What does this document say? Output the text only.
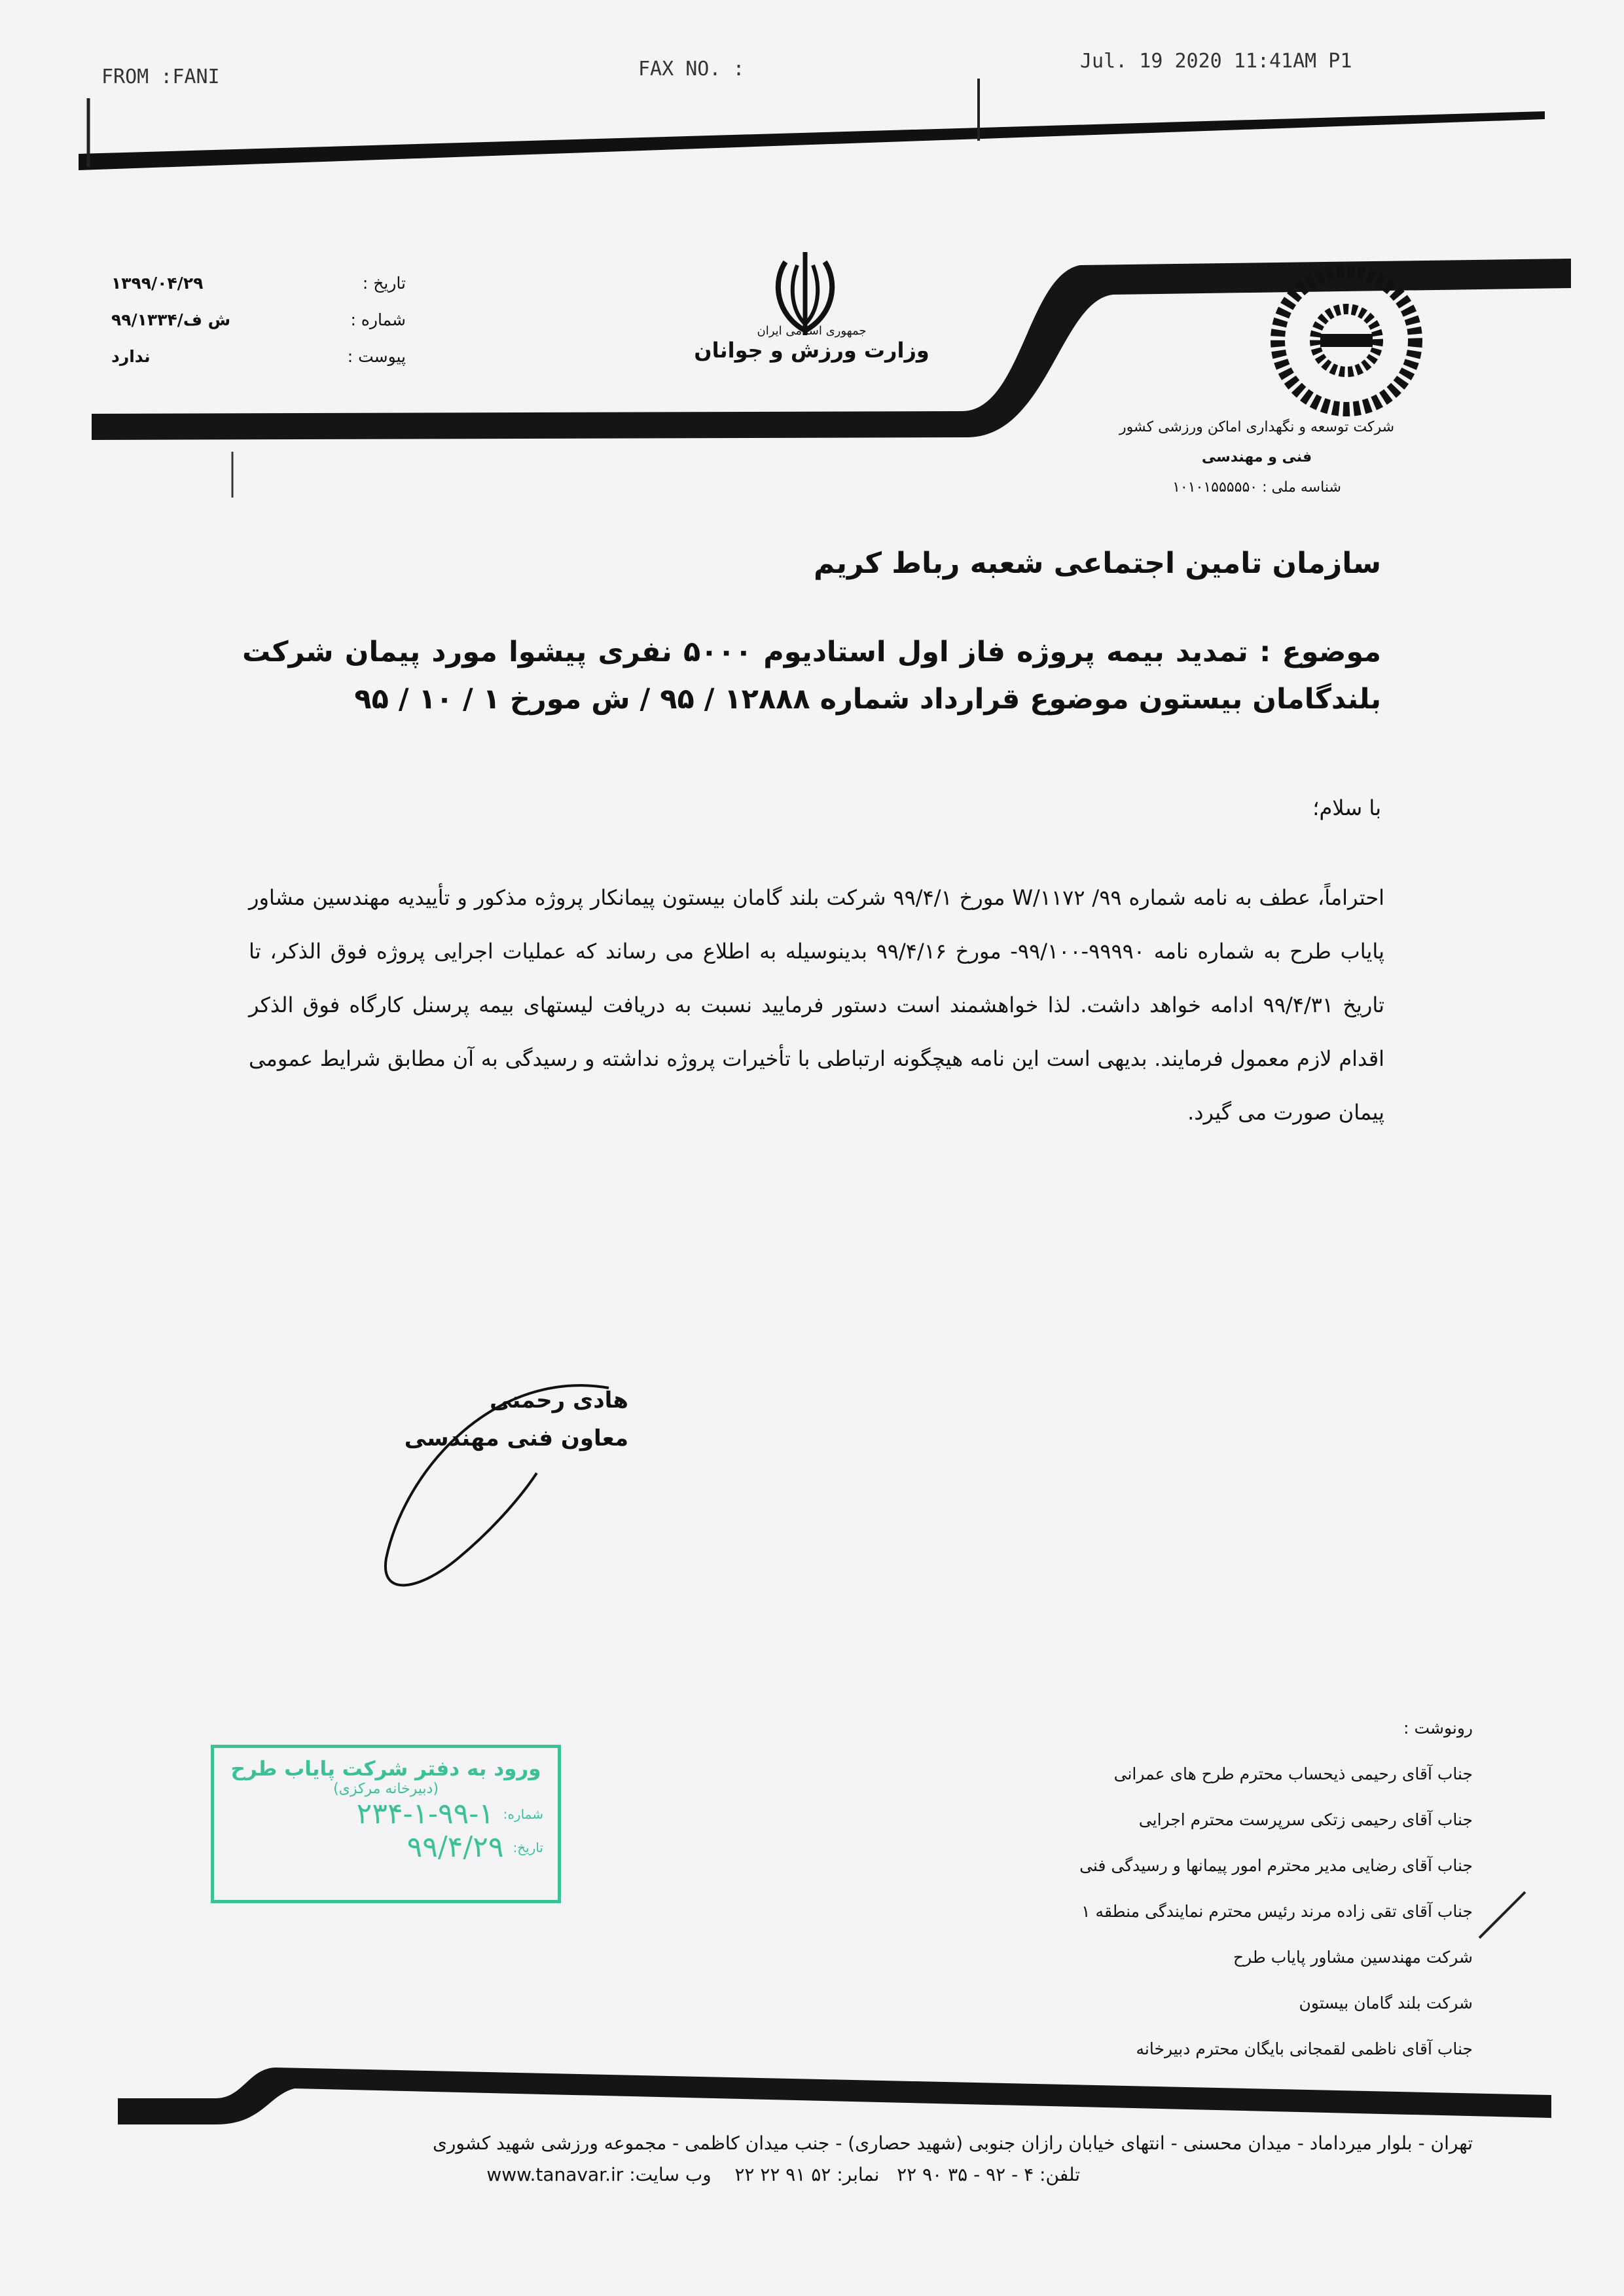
FROM :FANI	FAX NO. :	Jul. 19 2020 11:41AM P1
تاریخ :
۱۳۹۹/۰۴/۲۹
شماره :
۹۹/۱۳۳۴/ش ف
پیوست :
ندارد
جمهوری اسلامی ایران
وزارت ورزش و جوانان
شرکت توسعه و نگهداری اماکن ورزشی کشور
فنی و مهندسی
شناسه ملی : ۱۰۱۰۱۵۵۵۵۵۰
سازمان تامین اجتماعی شعبه رباط کریم
موضوع : تمدید بیمه پروژه فاز اول استادیوم ۵۰۰۰ نفری پیشوا مورد پیمان شرکت بلندگامان بیستون موضوع قرارداد شماره ۱۲۸۸۸ / ۹۵ / ش مورخ ۱ / ۱۰ / ۹۵
با سلام؛
احتراماً، عطف به نامه شماره W/۱۱۷۲ /۹۹ مورخ ۹۹/۴/۱ شرکت بلند گامان بیستون پیمانکار پروژه مذکور و تأییدیه مهندسین مشاور پایاب طرح به شماره نامه ۹۹۹۹۰-۹۹/۱۰۰- مورخ ۹۹/۴/۱۶ بدینوسیله به اطلاع می رساند که عملیات اجرایی پروژه فوق الذکر، تا تاریخ ۹۹/۴/۳۱ ادامه خواهد داشت. لذا خواهشمند است دستور فرمایید نسبت به دریافت لیستهای بیمه پرسنل کارگاه فوق الذکر اقدام لازم معمول فرمایند. بدیهی است این نامه هیچگونه ارتباطی با تأخیرات پروژه نداشته و رسیدگی به آن مطابق شرایط عمومی پیمان صورت می گیرد.
هادی رحمتی
معاون فنی مهندسی
ورود به دفتر شرکت پایاب طرح
(دبیرخانه مرکزی)
شماره:
۲۳۴-۱-۹۹-۱
تاریخ:
۹۹/۴/۲۹
رونوشت :
جناب آقای رحیمی ذیحساب محترم طرح های عمرانی
جناب آقای رحیمی زتکی سرپرست محترم اجرایی
جناب آقای رضایی مدیر محترم امور پیمانها و رسیدگی فنی
جناب آقای تقی زاده مرند رئیس محترم نمایندگی منطقه ۱
شرکت مهندسین مشاور پایاب طرح
شرکت بلند گامان بیستون
جناب آقای ناظمی لقمجانی بایگان محترم دبیرخانه
تهران - بلوار میرداماد - میدان محسنی - انتهای خیابان رازان جنوبی (شهید حصاری) - جنب میدان کاظمی - مجموعه ورزشی شهید کشوری
تلفن: ۴ - ۹۲ - ۳۵ ۹۰ ۲۲   نمابر: ۵۲ ۹۱ ۲۲ ۲۲    وب سایت: www.tanavar.ir
